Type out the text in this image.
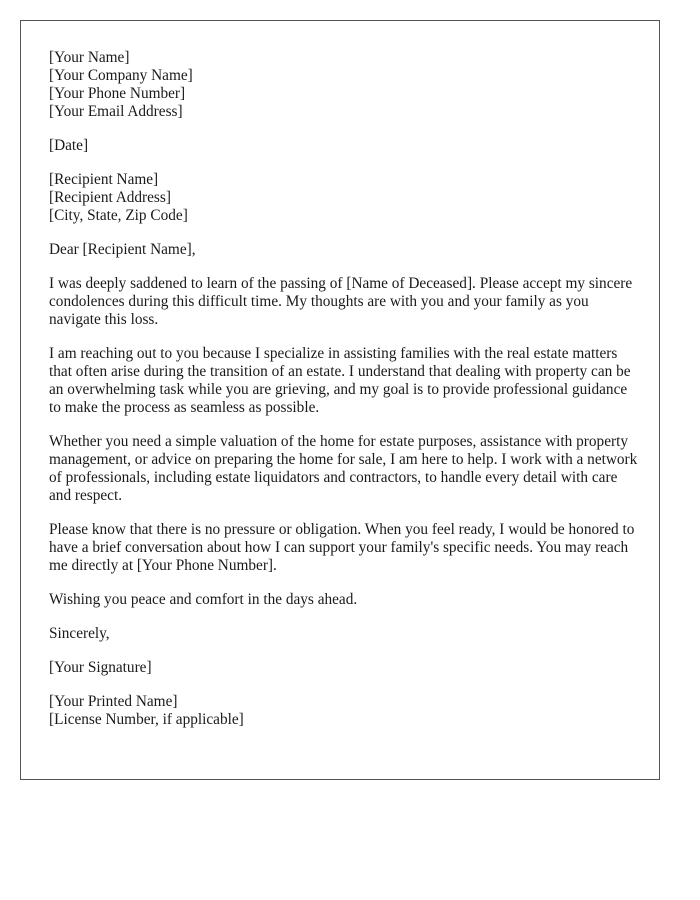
[Your Name]
[Your Company Name]
[Your Phone Number]
[Your Email Address]
[Date]
[Recipient Name]
[Recipient Address]
[City, State, Zip Code]
Dear [Recipient Name],

I was deeply saddened to learn of the passing of [Name of Deceased]. Please accept my sincere condolences during this difficult time. My thoughts are with you and your family as you navigate this loss.

I am reaching out to you because I specialize in assisting families with the real estate matters that often arise during the transition of an estate. I understand that dealing with property can be an overwhelming task while you are grieving, and my goal is to provide professional guidance to make the process as seamless as possible.

Whether you need a simple valuation of the home for estate purposes, assistance with property management, or advice on preparing the home for sale, I am here to help. I work with a network of professionals, including estate liquidators and contractors, to handle every detail with care and respect.

Please know that there is no pressure or obligation. When you feel ready, I would be honored to have a brief conversation about how I can support your family's specific needs. You may reach me directly at [Your Phone Number].

Wishing you peace and comfort in the days ahead.

Sincerely,
[Your Signature]
[Your Printed Name]
[License Number, if applicable]
